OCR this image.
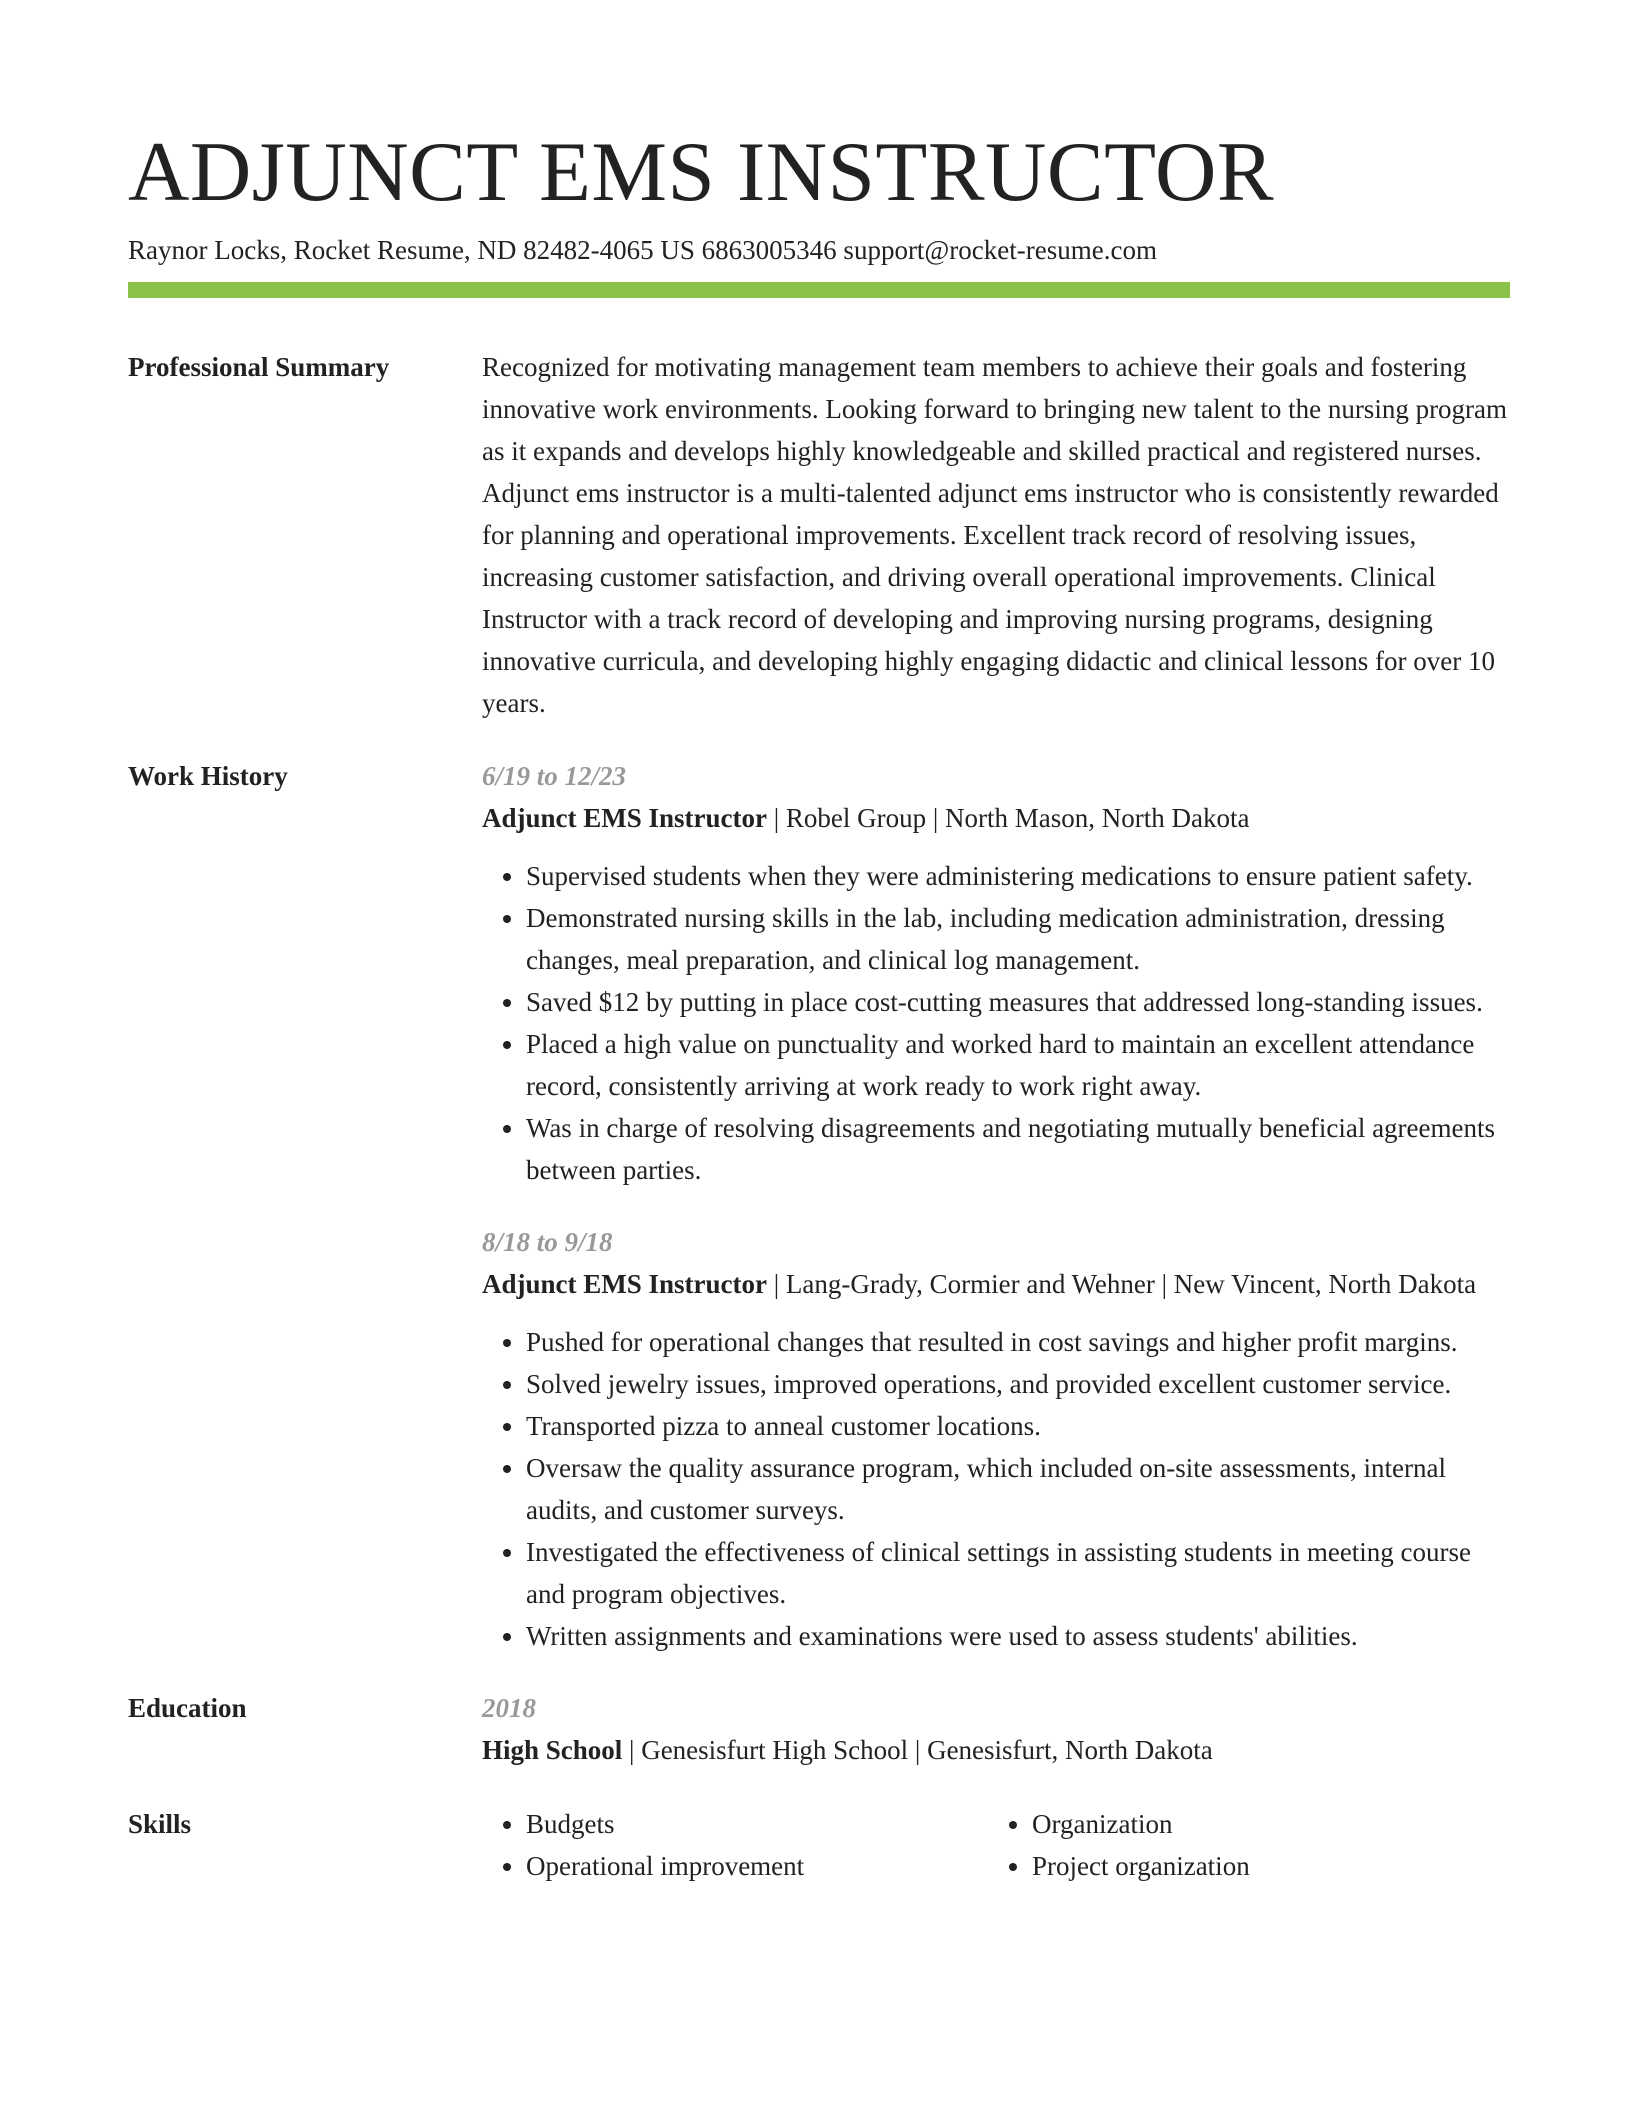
ADJUNCT EMS INSTRUCTOR
Raynor Locks, Rocket Resume, ND 82482-4065 US 6863005346 support@rocket-resume.com
Professional Summary	Recognized for motivating management team members to achieve their goals and fostering innovative work environments. Looking forward to bringing new talent to the nursing program as it expands and develops highly knowledgeable and skilled practical and registered nurses. Adjunct ems instructor is a multi-talented adjunct ems instructor who is consistently rewarded for planning and operational improvements. Excellent track record of resolving issues, increasing customer satisfaction, and driving overall operational improvements. Clinical Instructor with a track record of developing and improving nursing programs, designing innovative curricula, and developing highly engaging didactic and clinical lessons for over 10 years.

Work History	6/19 to 12/23
Adjunct EMS Instructor | Robel Group | North Mason, North Dakota
• Supervised students when they were administering medications to ensure patient safety.
• Demonstrated nursing skills in the lab, including medication administration, dressing changes, meal preparation, and clinical log management.
• Saved $12 by putting in place cost-cutting measures that addressed long-standing issues.
• Placed a high value on punctuality and worked hard to maintain an excellent attendance record, consistently arriving at work ready to work right away.
• Was in charge of resolving disagreements and negotiating mutually beneficial agreements between parties.
8/18 to 9/18
Adjunct EMS Instructor | Lang-Grady, Cormier and Wehner | New Vincent, North Dakota
• Pushed for operational changes that resulted in cost savings and higher profit margins.
• Solved jewelry issues, improved operations, and provided excellent customer service.
• Transported pizza to anneal customer locations.
• Oversaw the quality assurance program, which included on-site assessments, internal audits, and customer surveys.
• Investigated the effectiveness of clinical settings in assisting students in meeting course and program objectives.
• Written assignments and examinations were used to assess students' abilities.
Education	2018
High School | Genesisfurt High School | Genesisfurt, North Dakota
Skills
•	Budgets
• Operational improvement
• Organization
• Project organization
